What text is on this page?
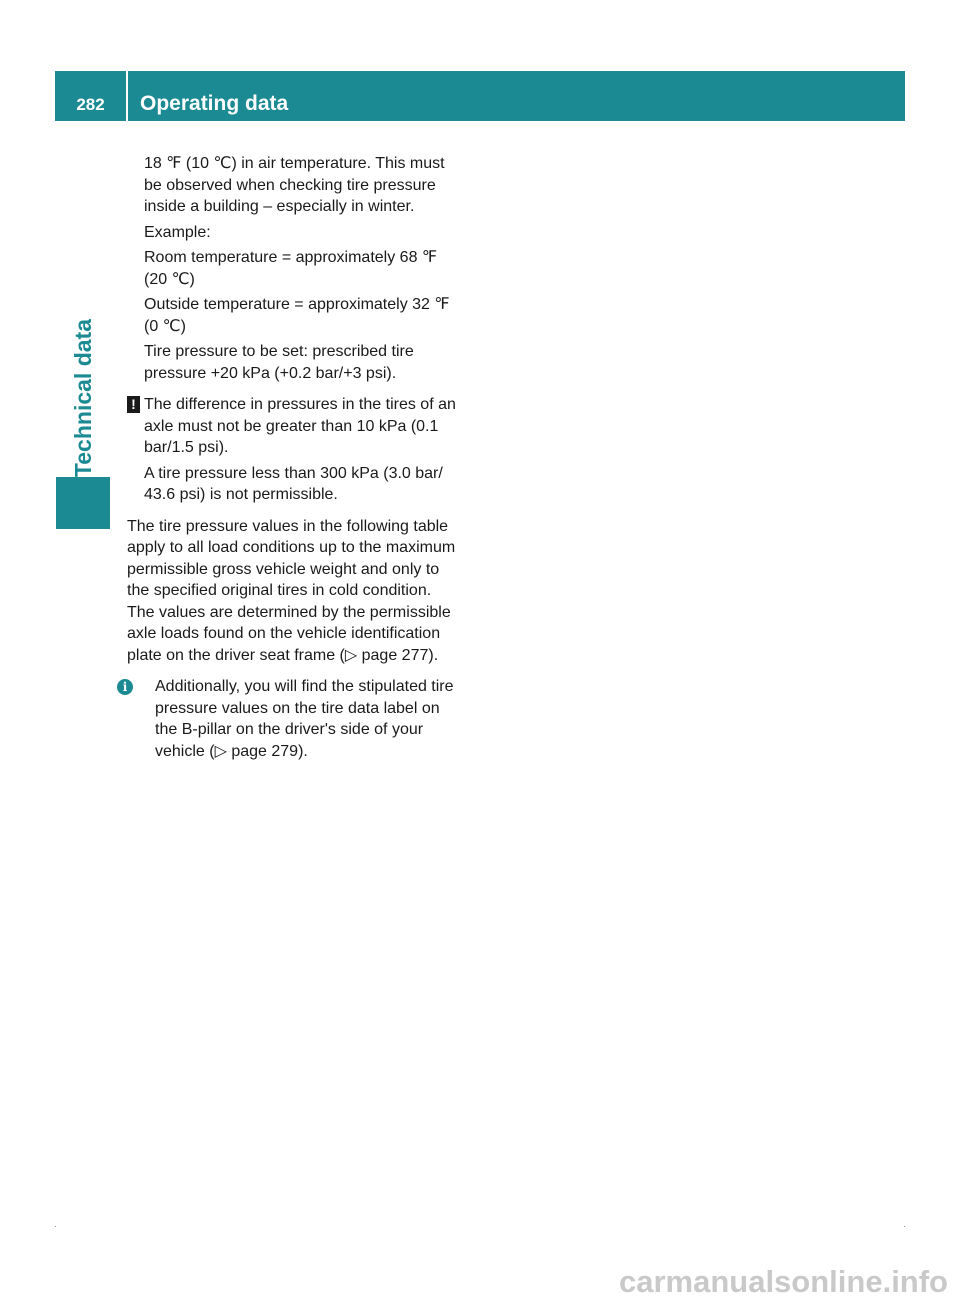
282	Operating data
Technical data

18 ℉ (10 ℃) in air temperature. This must be observed when checking tire pressure inside a building – especially in winter.

Example:

Room temperature = approximately 68 ℉ (20 ℃)

Outside temperature = approximately 32 ℉ (0 ℃)

Tire pressure to be set: prescribed tire pressure +20 kPa (+0.2 bar/+3 psi).

! The difference in pressures in the tires of an axle must not be greater than 10 kPa (0.1 bar/1.5 psi).

A tire pressure less than 300 kPa (3.0 bar/ 43.6 psi) is not permissible.

The tire pressure values in the following table apply to all load conditions up to the maximum permissible gross vehicle weight and only to the specified original tires in cold condition. The values are determined by the permissible axle loads found on the vehicle identification plate on the driver seat frame (▷ page 277).

i	Additionally, you will find the stipulated tire pressure values on the tire data label on the B-pillar on the driver's side of your vehicle (▷ page 279).

carmanualsonline.info
